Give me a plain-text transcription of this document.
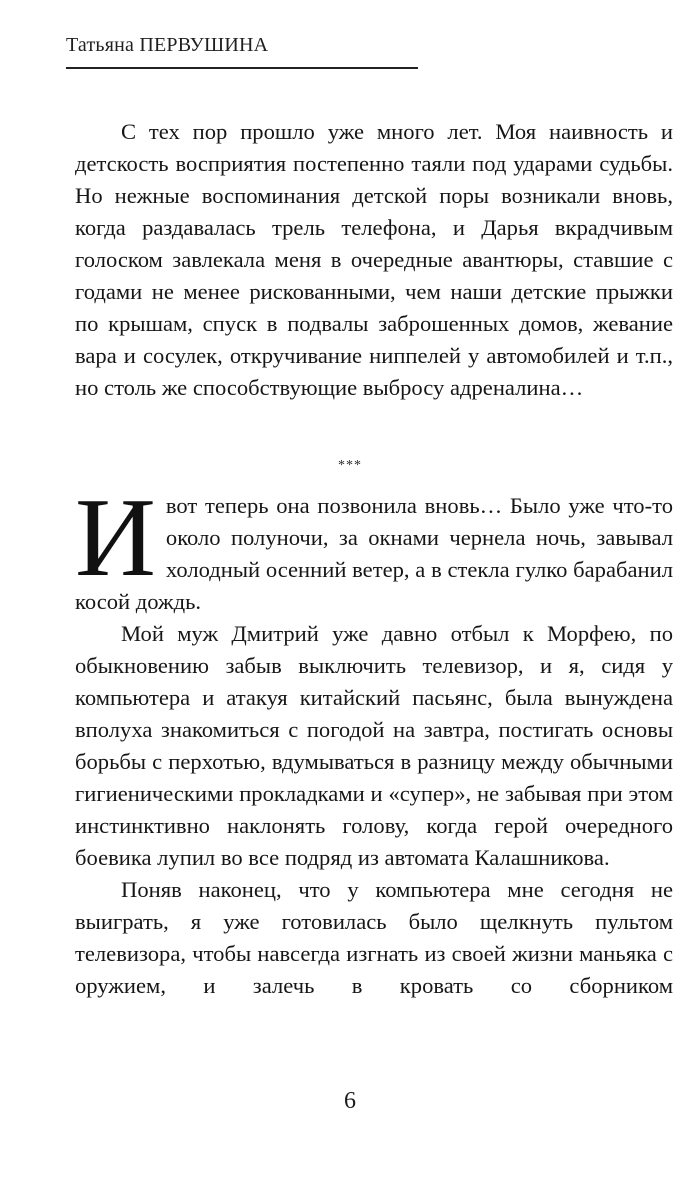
Татьяна ПЕРВУШИНА

С тех пор прошло уже много лет. Моя наивность и детскость восприятия постепенно таяли под ударами судьбы. Но нежные воспоминания детской поры возникали вновь, когда раздавалась трель телефона, и Дарья вкрадчивым голоском завлекала меня в очередные авантюры, ставшие с годами не менее рискованными, чем наши детские прыжки по крышам, спуск в подвалы заброшенных домов, жевание вара и сосулек, откручивание ниппелей у автомобилей и т.п., но столь же способствующие выбросу адреналина…

***

Ивот теперь она позвонила вновь… Было уже что-то около полуночи, за окнами чернела ночь, завывал холодный осенний ветер, а в стекла гулко барабанил косой дождь.

Мой муж Дмитрий уже давно отбыл к Морфею, по обыкновению забыв выключить телевизор, и я, сидя у компьютера и атакуя китайский пасьянс, была вынуждена вполуха знакомиться с погодой на завтра, постигать основы борьбы с перхотью, вдумываться в разницу между обычными гигиеническими прокладками и «супер», не забывая при этом инстинктивно наклонять голову, когда герой очередного боевика лупил во все подряд из автомата Калашникова.

Поняв наконец, что у компьютера мне сегодня не выиграть, я уже готовилась было щелкнуть пультом телевизора, чтобы навсегда изгнать из своей жизни маньяка с оружием, и залечь в кровать со сборником

6
